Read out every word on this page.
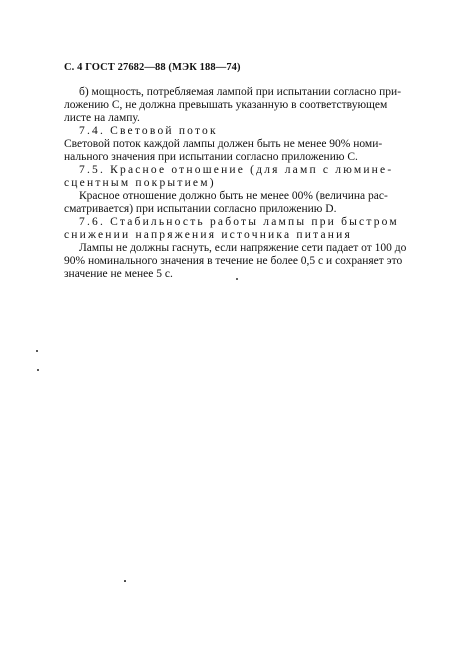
С. 4 ГОСТ 27682—88 (МЭК 188—74)

б) мощность, потребляемая лампой при испытании согласно при-

ложению С, не должна превышать указанную в соответствующем

листе на лампу.

7.4. Световой поток

Световой поток каждой лампы должен быть не менее 90% номи-

нального значения при испытании согласно приложению С.

7.5. Красное отношение (для ламп с люмине-

сцентным покрытием)

Красное отношение должно быть не менее 00% (величина рас-

сматривается) при испытании согласно приложению D.

7.6. Стабильность работы лампы при быстром

снижении напряжения источника питания

Лампы не должны гаснуть, если напряжение сети падает от 100 до

90% номинального значения в течение не более 0,5 с и сохраняет это

значение не менее 5 с.
